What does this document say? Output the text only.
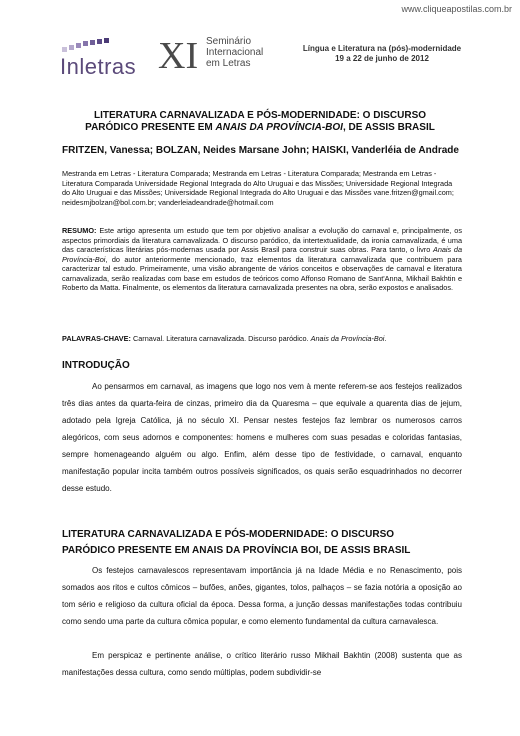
www.cliqueapostilas.com.br
Inletras XI Seminário
Internacional
em Letras
Língua e Literatura na (pós)-modernidade
19 a 22 de junho de 2012
LITERATURA CARNAVALIZADA E PÓS-MODERNIDADE: O DISCURSO
PARÓDICO PRESENTE EM ANAIS DA PROVÍNCIA-BOI, DE ASSIS BRASIL
FRITZEN, Vanessa; BOLZAN, Neides Marsane John; HAISKI, Vanderléia de Andrade
Mestranda em Letras - Literatura Comparada; Mestranda em Letras - Literatura Comparada; Mestranda em Letras - Literatura Comparada Universidade Regional Integrada do Alto Uruguai e das Missões; Universidade Regional Integrada do Alto Uruguai e das Missões; Universidade Regional Integrada do Alto Uruguai e das Missões vane.fritzen@gmail.com; neidesmjbolzan@bol.com.br; vanderleiadeandrade@hotmail.com
RESUMO: Este artigo apresenta um estudo que tem por objetivo analisar a evolução do carnaval e, principalmente, os aspectos primordiais da literatura carnavalizada. O discurso paródico, da intertextualidade, da ironia carnavalizada, é uma das características literárias pós-modernas usada por Assis Brasil para construir suas obras. Para tanto, o livro Anais da Província-Boi, do autor anteriormente mencionado, traz elementos da literatura carnavalizada que contribuem para caracterizar tal estudo. Primeiramente, uma visão abrangente de vários conceitos e observações de carnaval e literatura carnavalizada, serão realizadas com base em estudos de teóricos como Affonso Romano de Sant'Anna, Mikhail Bakhtin e Roberto da Matta. Finalmente, os elementos da literatura carnavalizada presentes na obra, serão expostos e analisados.
PALAVRAS-CHAVE: Carnaval. Literatura carnavalizada. Discurso paródico. Anais da Província-Boi.
INTRODUÇÃO
Ao pensarmos em carnaval, as imagens que logo nos vem à mente referem-se aos festejos realizados três dias antes da quarta-feira de cinzas, primeiro dia da Quaresma – que equivale a quarenta dias de jejum, adotado pela Igreja Católica, já no século XI. Pensar nestes festejos faz lembrar os numerosos carros alegóricos, com seus adornos e componentes: homens e mulheres com suas pesadas e coloridas fantasias, sempre homenageando alguém ou algo. Enfim, além desse tipo de festividade, o carnaval, enquanto manifestação popular incita também outros possíveis significados, os quais serão esquadrinhados no decorrer desse estudo.
LITERATURA CARNAVALIZADA E PÓS-MODERNIDADE: O DISCURSO
PARÓDICO PRESENTE EM ANAIS DA PROVÍNCIA BOI, DE ASSIS BRASIL
Os festejos carnavalescos representavam importância já na Idade Média e no Renascimento, pois somados aos ritos e cultos cômicos – bufões, anões, gigantes, tolos, palhaços – se fazia notória a oposição ao tom sério e religioso da cultura oficial da época. Dessa forma, a junção dessas manifestações todas contribuiu como sendo uma parte da cultura cômica popular, e como elemento fundamental da cultura carnavalesca.
Em perspicaz e pertinente análise, o crítico literário russo Mikhail Bakhtin (2008) sustenta que as manifestações dessa cultura, como sendo múltiplas, podem subdividir-se
